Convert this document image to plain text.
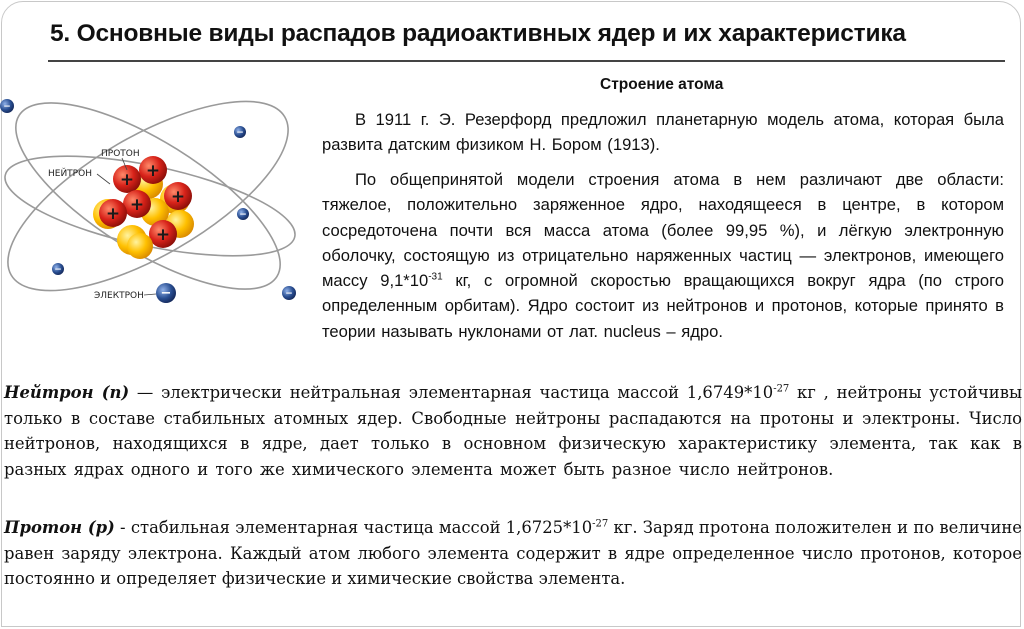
5. Основные виды распадов радиоактивных ядер и их характеристика
+
+
+
+
+
+
−
−
−
−
−	−
ПРОТОН
НЕЙТРОН
ЭЛЕКТРОН
Строение атома
В 1911 г. Э. Резерфорд предложил планетарную модель атома, которая была развита датским физиком Н. Бором (1913).
По общепринятой модели строения атома в нем различают две области: тяжелое, положительно заряженное ядро, находящееся в центре, в котором сосредоточена почти вся масса атома (более 99,95 %), и лёгкую электронную оболочку, состоящую из отрицательно наряженных частиц — электронов, имеющего массу $9,1*10^{-31}$ кг, с огромной скоростью вращающихся вокруг ядра (по строго определенным орбитам). Ядро состоит из нейтронов и протонов, которые принято в теории называть нуклонами от лат. nucleus – ядро.
Нейтрон (n) — электрически нейтральная элементарная частица массой $1,6749*10^{-27}$ кг , нейтроны устойчивы только в составе стабильных атомных ядер. Свободные нейтроны распадаются на протоны и электроны. Число нейтронов, находящихся в ядре, дает только в основном физическую характеристику элемента, так как в разных ядрах одного и того же химического элемента может быть разное число нейтронов.
Протон (p) - стабильная элементарная частица массой $1,6725*10^{-27}$ кг. Заряд протона положителен и по величине равен заряду электрона. Каждый атом любого элемента содержит в ядре определенное число протонов, которое постоянно и определяет физические и химические свойства элемента.
